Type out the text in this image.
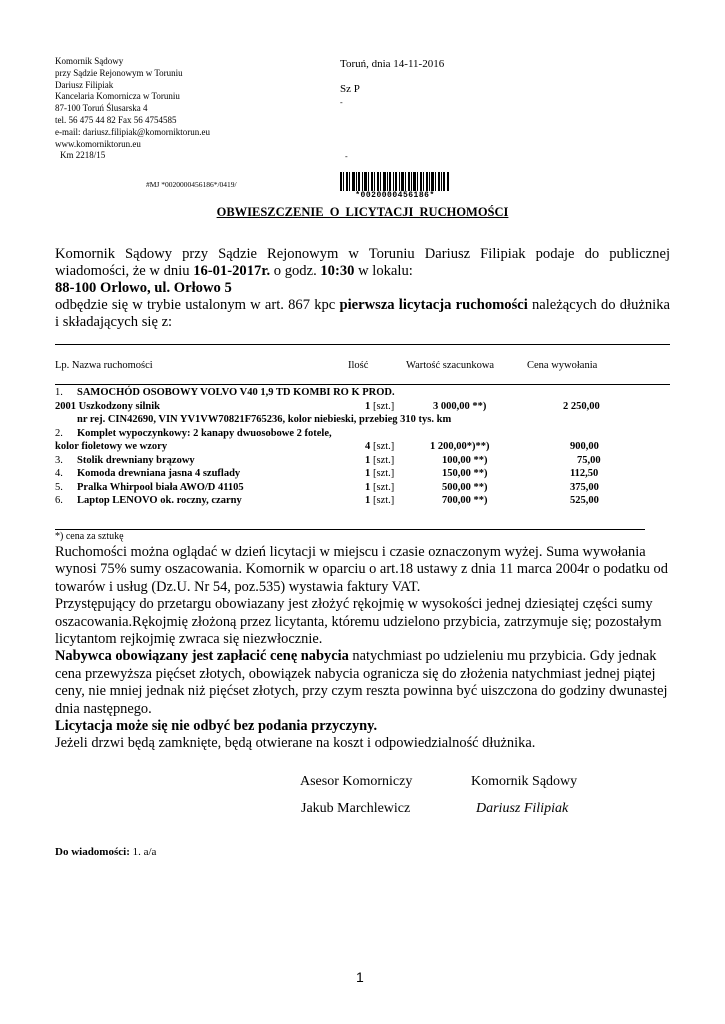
Komornik Sądowy
przy Sądzie Rejonowym w Toruniu
Dariusz Filipiak
Kancelaria Komornicza w Toruniu
87-100 Toruń Ślusarska 4
tel. 56 475 44 82 Fax 56 4754585
e-mail: dariusz.filipiak@komorniktorun.eu
www.komorniktorun.eu
Km 2218/15
Toruń, dnia 14-11-2016
Sz P
-
-
#MJ *0020000456186*/0419/
*0020000456186*
OBWIESZCZENIE O LICYTACJI RUCHOMOŚCI
Komornik Sądowy przy Sądzie Rejonowym w Toruniu Dariusz Filipiak podaje do publicznej wiadomości, że w dniu 16-01-2017r. o godz. 10:30 w lokalu:
88-100 Orlowo, ul. Orłowo 5
odbędzie się w trybie ustalonym w art. 867 kpc pierwsza licytacja ruchomości należących do dłużnika i składających się z:
Lp. Nazwa ruchomości	Ilość	Wartość szacunkowa	Cena wywołania
1. SAMOCHÓD OSOBOWY VOLVO V40 1,9 TD KOMBI RO K PROD.
2001 Uszkodzony silnik	1 [szt.]	3 000,00 **)	2 250,00
nr rej. CIN42690, VIN YV1VW70821F765236, kolor niebieski, przebieg 310 tys. km
2. Komplet wypoczynkowy: 2 kanapy dwuosobowe 2 fotele,
kolor fioletowy we wzory	4 [szt.]	1 200,00*)**)	900,00
3. Stolik drewniany brązowy	1 [szt.]	100,00 **)	75,00
4. Komoda drewniana jasna 4 szuflady	1 [szt.]	150,00 **)	112,50
5. Pralka Whirpool biała AWO/D 41105	1 [szt.]	500,00 **)	375,00
6. Laptop LENOVO ok. roczny, czarny	1 [szt.]	700,00 **)	525,00
*) cena za sztukę

Ruchomości można oglądać w dzień licytacji w miejscu i czasie oznaczonym wyżej. Suma wywołania wynosi 75% sumy oszacowania. Komornik w oparciu o art.18 ustawy z dnia 11 marca 2004r o podatku od towarów i usług (Dz.U. Nr 54, poz.535) wystawia faktury VAT.

Przystępujący do przetargu obowiazany jest złożyć rękojmię w wysokości jednej dziesiątej części sumy oszacowania.Rękojmię złożoną przez licytanta, któremu udzielono przybicia, zatrzymuje się; pozostałym licytantom rejkojmię zwraca się niezwłocznie.

Nabywca obowiązany jest zapłacić cenę nabycia natychmiast po udzieleniu mu przybicia. Gdy jednak cena przewyższa pięćset złotych, obowiązek nabycia ogranicza się do złożenia natychmiast jednej piątej ceny, nie mniej jednak niż pięćset złotych, przy czym reszta powinna być uiszczona do godziny dwunastej dnia następnego.

Licytacja może się nie odbyć bez podania przyczyny.

Jeżeli drzwi będą zamknięte, będą otwierane na koszt i odpowiedzialność dłużnika.

Asesor Komorniczy
Jakub Marchlewicz
Komornik Sądowy
Dariusz Filipiak
Do wiadomości: 1. a/a
1
